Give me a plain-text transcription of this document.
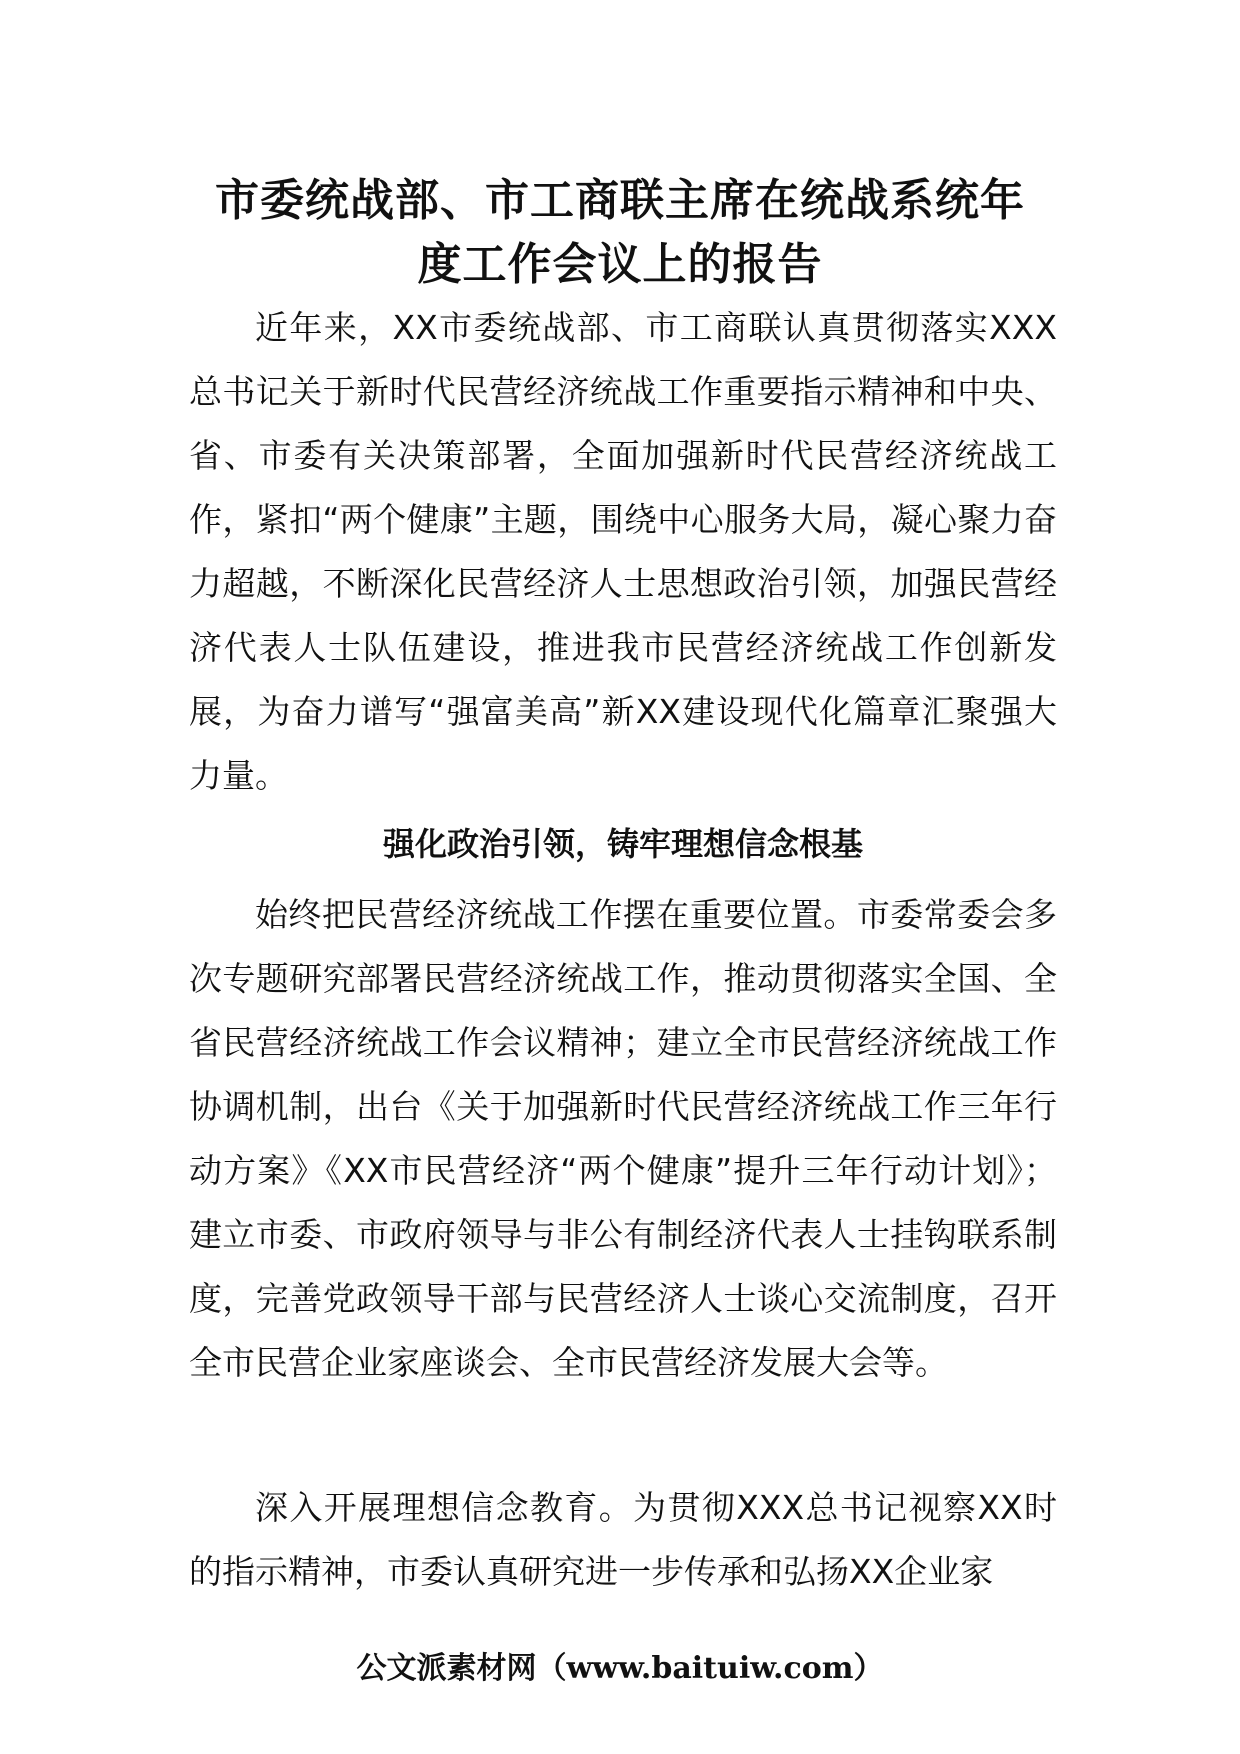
市委统战部、市工商联主席在统战系统年
度工作会议上的报告

近年来，XX市委统战部、市工商联认真贯彻落实XXX总书记关于新时代民营经济统战工作重要指示精神和中央、省、市委有关决策部署，全面加强新时代民营经济统战工作，紧扣“两个健康”主题，围绕中心服务大局，凝心聚力奋力超越，不断深化民营经济人士思想政治引领，加强民营经济代表人士队伍建设，推进我市民营经济统战工作创新发展，为奋力谱写“强富美高”新XX建设现代化篇章汇聚强大力量。

强化政治引领，铸牢理想信念根基

始终把民营经济统战工作摆在重要位置。市委常委会多次专题研究部署民营经济统战工作，推动贯彻落实全国、全省民营经济统战工作会议精神；建立全市民营经济统战工作协调机制，出台《关于加强新时代民营经济统战工作三年行动方案》《XX市民营经济“两个健康”提升三年行动计划》；建立市委、市政府领导与非公有制经济代表人士挂钩联系制度，完善党政领导干部与民营经济人士谈心交流制度，召开全市民营企业家座谈会、全市民营经济发展大会等。

深入开展理想信念教育。为贯彻XXX总书记视察XX时的指示精神，市委认真研究进一步传承和弘扬XX企业家

公文派素材网（www.baituiw.com）
